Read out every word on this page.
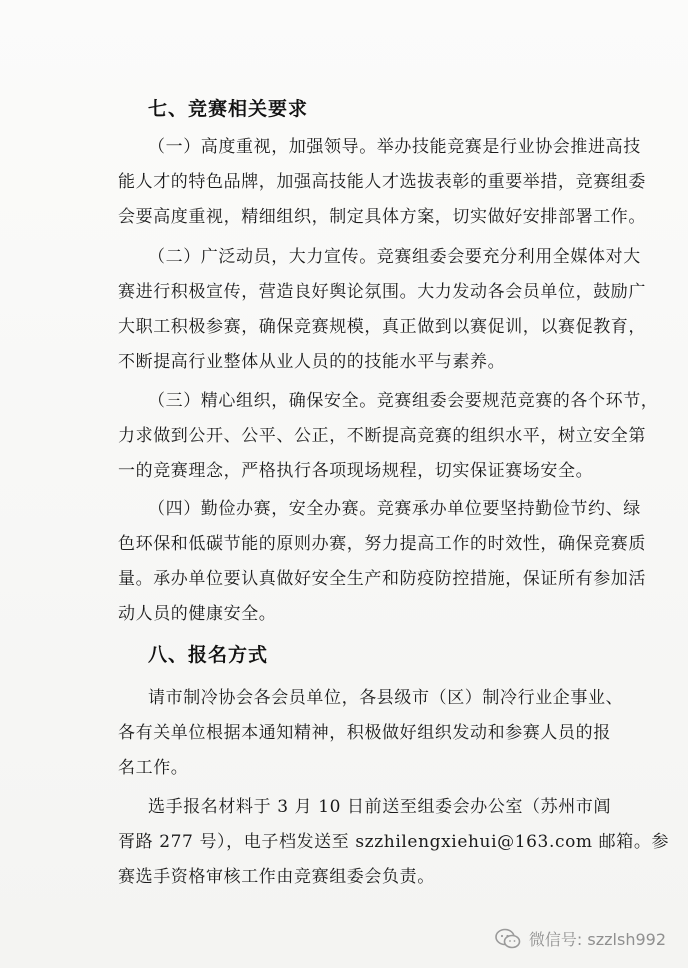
七、竞赛相关要求
（一）高度重视，加强领导。举办技能竞赛是行业协会推进高技
能人才的特色品牌，加强高技能人才选拔表彰的重要举措，竞赛组委
会要高度重视，精细组织，制定具体方案，切实做好安排部署工作。
（二）广泛动员，大力宣传。竞赛组委会要充分利用全媒体对大
赛进行积极宣传，营造良好舆论氛围。大力发动各会员单位，鼓励广
大职工积极参赛，确保竞赛规模，真正做到以赛促训，以赛促教育，
不断提高行业整体从业人员的的技能水平与素养。
（三）精心组织，确保安全。竞赛组委会要规范竞赛的各个环节，
力求做到公开、公平、公正，不断提高竞赛的组织水平，树立安全第
一的竞赛理念，严格执行各项现场规程，切实保证赛场安全。
（四）勤俭办赛，安全办赛。竞赛承办单位要坚持勤俭节约、绿
色环保和低碳节能的原则办赛，努力提高工作的时效性，确保竞赛质
量。承办单位要认真做好安全生产和防疫防控措施，保证所有参加活
动人员的健康安全。
八、报名方式
请市制冷协会各会员单位，各县级市（区）制冷行业企事业、
各有关单位根据本通知精神，积极做好组织发动和参赛人员的报
名工作。
选手报名材料于 3 月 10 日前送至组委会办公室（苏州市阊
胥路 277 号），电子档发送至 szzhilengxiehui@163.com 邮箱。参
赛选手资格审核工作由竞赛组委会负责。
微信号: szzlsh992
